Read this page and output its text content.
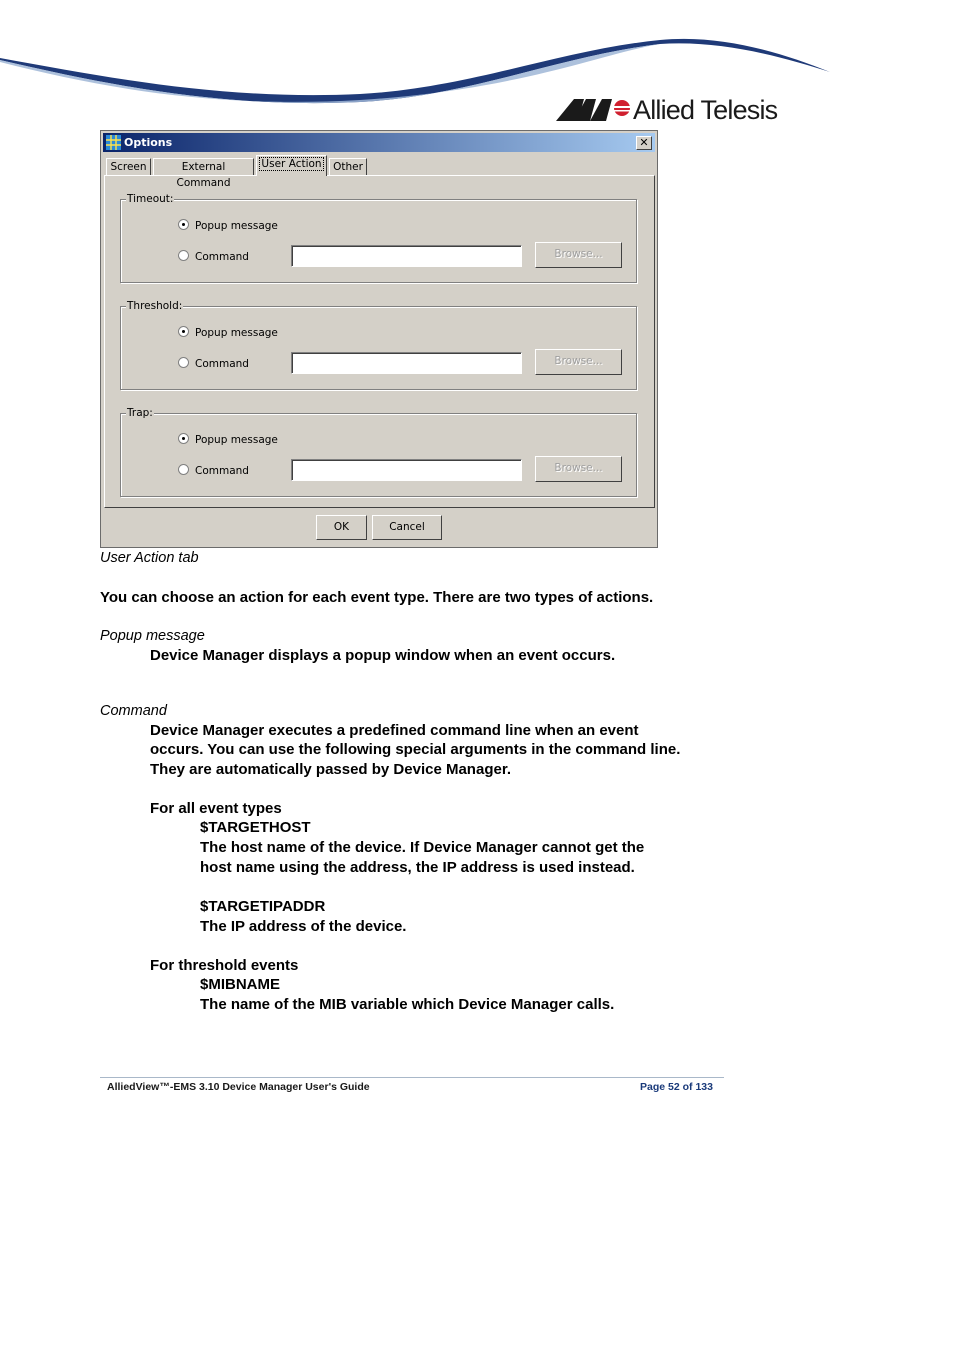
Allied Telesis
Options	✕
Screen	External Command
User Action	Other
Timeout:
Popup message
Command	Browse...
Threshold:
Popup message
Command	Browse...
Trap:
Popup message
Command	Browse...
OK	Cancel
User Action tab
You can choose an action for each event type. There are two types of actions.
Popup message
Device Manager displays a popup window when an event occurs.
Command
Device Manager executes a predefined command line when an event
occurs. You can use the following special arguments in the command line.
They are automatically passed by Device Manager.
For all event types
$TARGETHOST
The host name of the device. If Device Manager cannot get the
host name using the address, the IP address is used instead.
$TARGETIPADDR
The IP address of the device.
For threshold events
$MIBNAME
The name of the MIB variable which Device Manager calls.
AlliedView™-EMS 3.10 Device Manager User's Guide	Page 52 of 133
